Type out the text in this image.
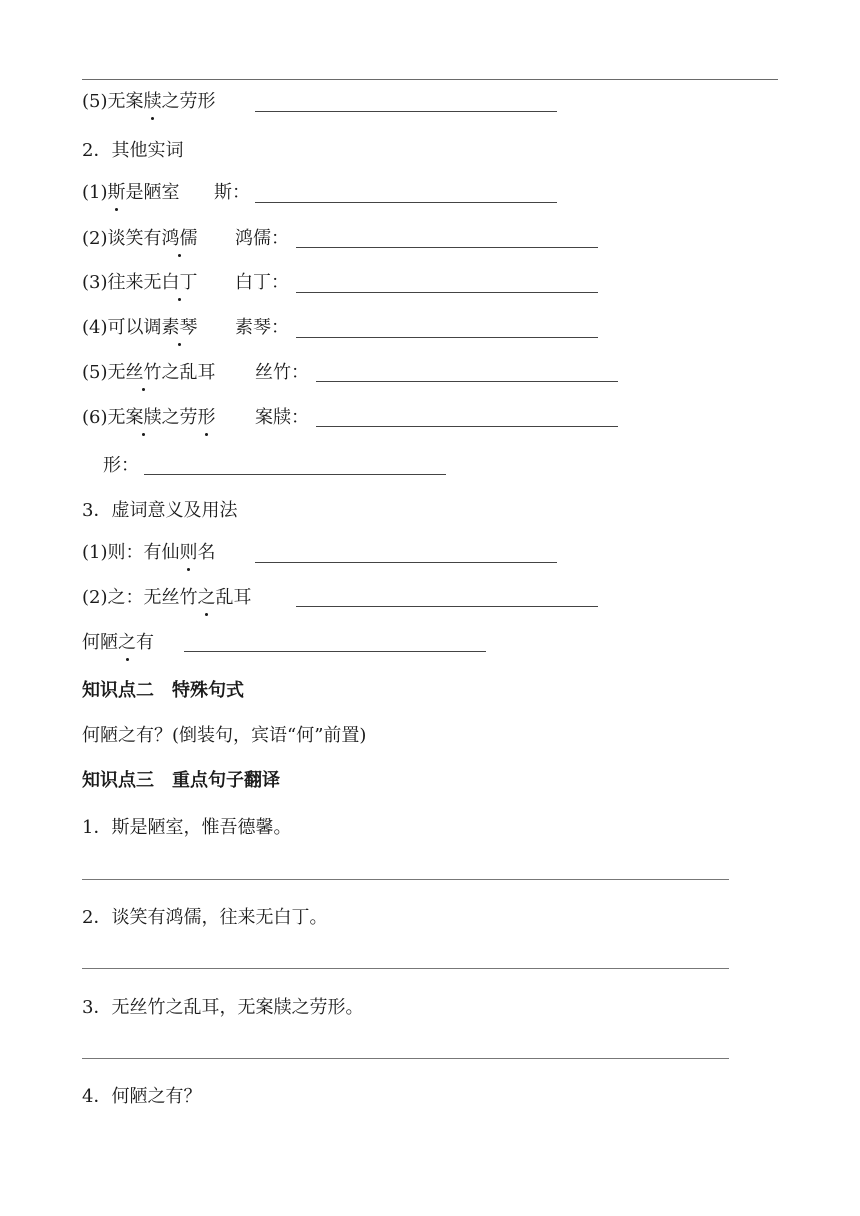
(5)无案牍之劳形
2．其他实词
(1)斯是陋室 斯：
(2)谈笑有鸿儒 鸿儒：
(3)往来无白丁 白丁：
(4)可以调素琴 素琴：
(5)无丝竹之乱耳 丝竹：
(6)无案牍之劳形 案牍：
形：
3．虚词意义及用法
(1)则：有仙则名
(2)之：无丝竹之乱耳
何陋之有
知识点二　特殊句式
何陋之有？(倒装句，宾语“何”前置)
知识点三　重点句子翻译
1．斯是陋室，惟吾德馨。
2．谈笑有鸿儒，往来无白丁。
3．无丝竹之乱耳，无案牍之劳形。
4．何陋之有？
